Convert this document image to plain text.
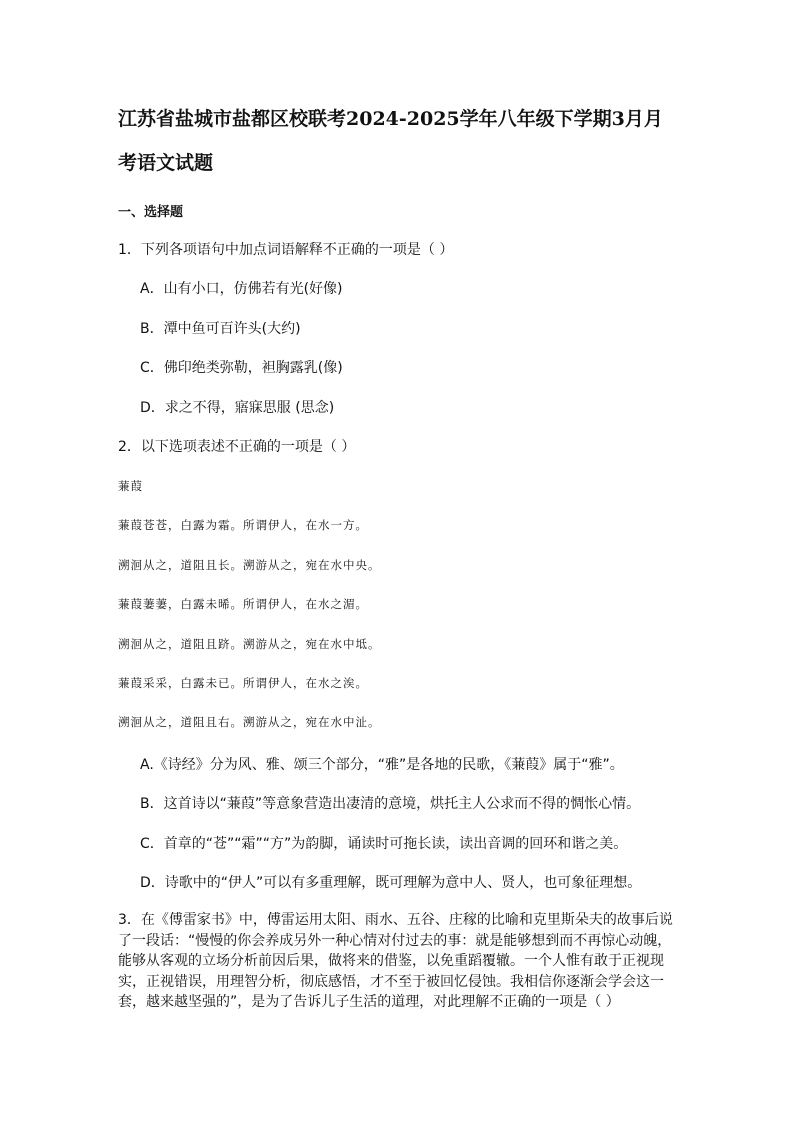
江苏省盐城市盐都区校联考2024-2025学年八年级下学期3月月
考语文试题
一、选择题
1．下列各项语句中加点词语解释不正确的一项是（ ）
A．山有小口，仿佛若有光(好像)
B．潭中鱼可百许头(大约)
C．佛印绝类弥勒，袒胸露乳(像)
D．求之不得，寤寐思服 (思念)
2．以下选项表述不正确的一项是（ ）
蒹葭
蒹葭苍苍，白露为霜。所谓伊人，在水一方。
溯洄从之，道阻且长。溯游从之，宛在水中央。
蒹葭萋萋，白露未晞。所谓伊人，在水之湄。
溯洄从之，道阻且跻。溯游从之，宛在水中坻。
蒹葭采采，白露未已。所谓伊人，在水之涘。
溯洄从之，道阻且右。溯游从之，宛在水中沚。
A.《诗经》分为风、雅、颂三个部分，“雅”是各地的民歌，《蒹葭》属于“雅”。
B．这首诗以“蒹葭”等意象营造出凄清的意境，烘托主人公求而不得的惆怅心情。
C．首章的“苍”“霜”“方”为韵脚，诵读时可拖长读，读出音调的回环和谐之美。
D．诗歌中的“伊人”可以有多重理解，既可理解为意中人、贤人，也可象征理想。
3．在《傅雷家书》中，傅雷运用太阳、雨水、五谷、庄稼的比喻和克里斯朵夫的故事后说了一段话：“慢慢的你会养成另外一种心情对付过去的事：就是能够想到而不再惊心动魄，能够从客观的立场分析前因后果，做将来的借鉴，以免重蹈覆辙。一个人惟有敢于正视现实，正视错误，用理智分析，彻底感悟，才不至于被回忆侵蚀。我相信你逐渐会学会这一套，越来越坚强的”，是为了告诉儿子生活的道理，对此理解不正确的一项是（ ）
